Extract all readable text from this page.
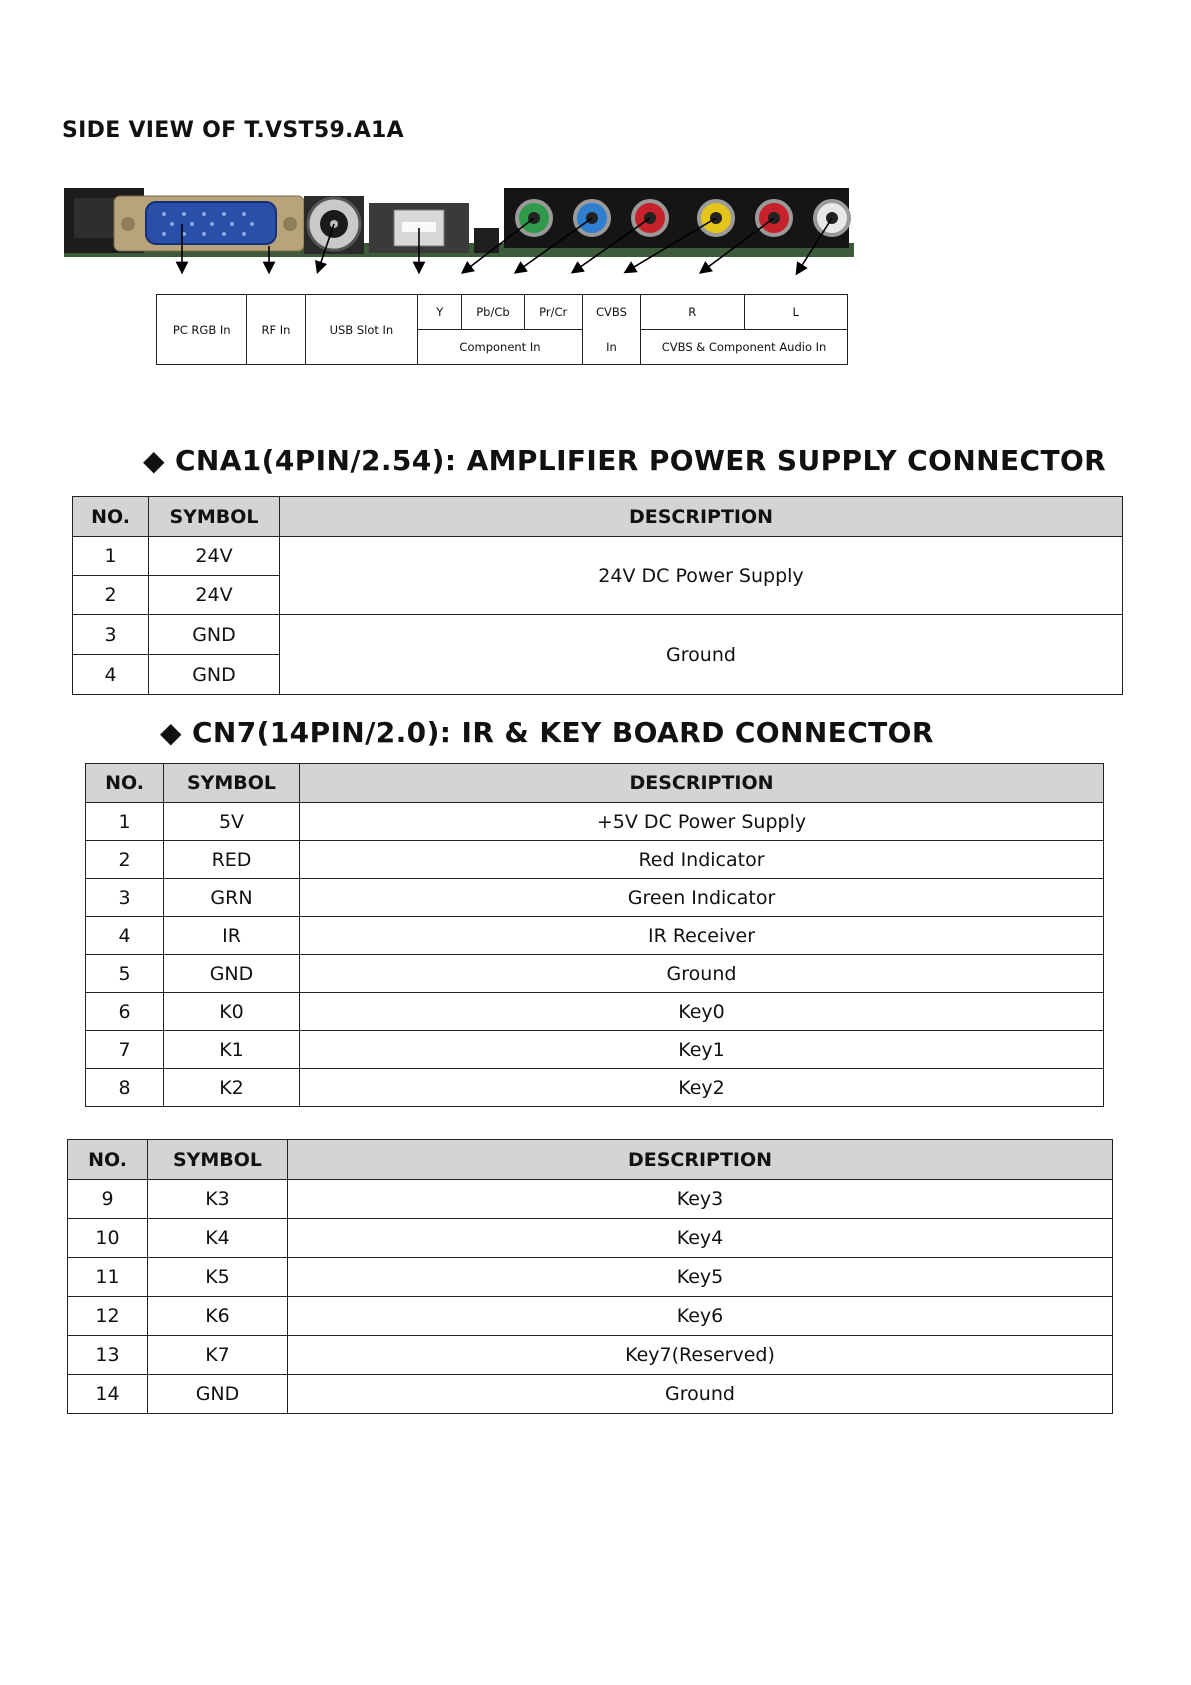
SIDE VIEW OF T.VST59.A1A
PC RGB In	RF In	USB Slot In	Y	Pb/Cb	Pr/Cr	CVBS	R	L
			Component In			In	CVBS & Component Audio In	
◆ CNA1(4PIN/2.54): AMPLIFIER POWER SUPPLY CONNECTOR
NO.	SYMBOL	DESCRIPTION
1	24V	24V DC Power Supply
2	24V	
3	GND	Ground
4	GND	
◆ CN7(14PIN/2.0): IR & KEY BOARD CONNECTOR
NO.	SYMBOL	DESCRIPTION
1	5V	+5V DC Power Supply
2	RED	Red Indicator
3	GRN	Green Indicator
4	IR	IR Receiver
5	GND	Ground
6	K0	Key0
7	K1	Key1
8	K2	Key2
NO.	SYMBOL	DESCRIPTION
9	K3	Key3
10	K4	Key4
11	K5	Key5
12	K6	Key6
13	K7	Key7(Reserved)
14	GND	Ground
